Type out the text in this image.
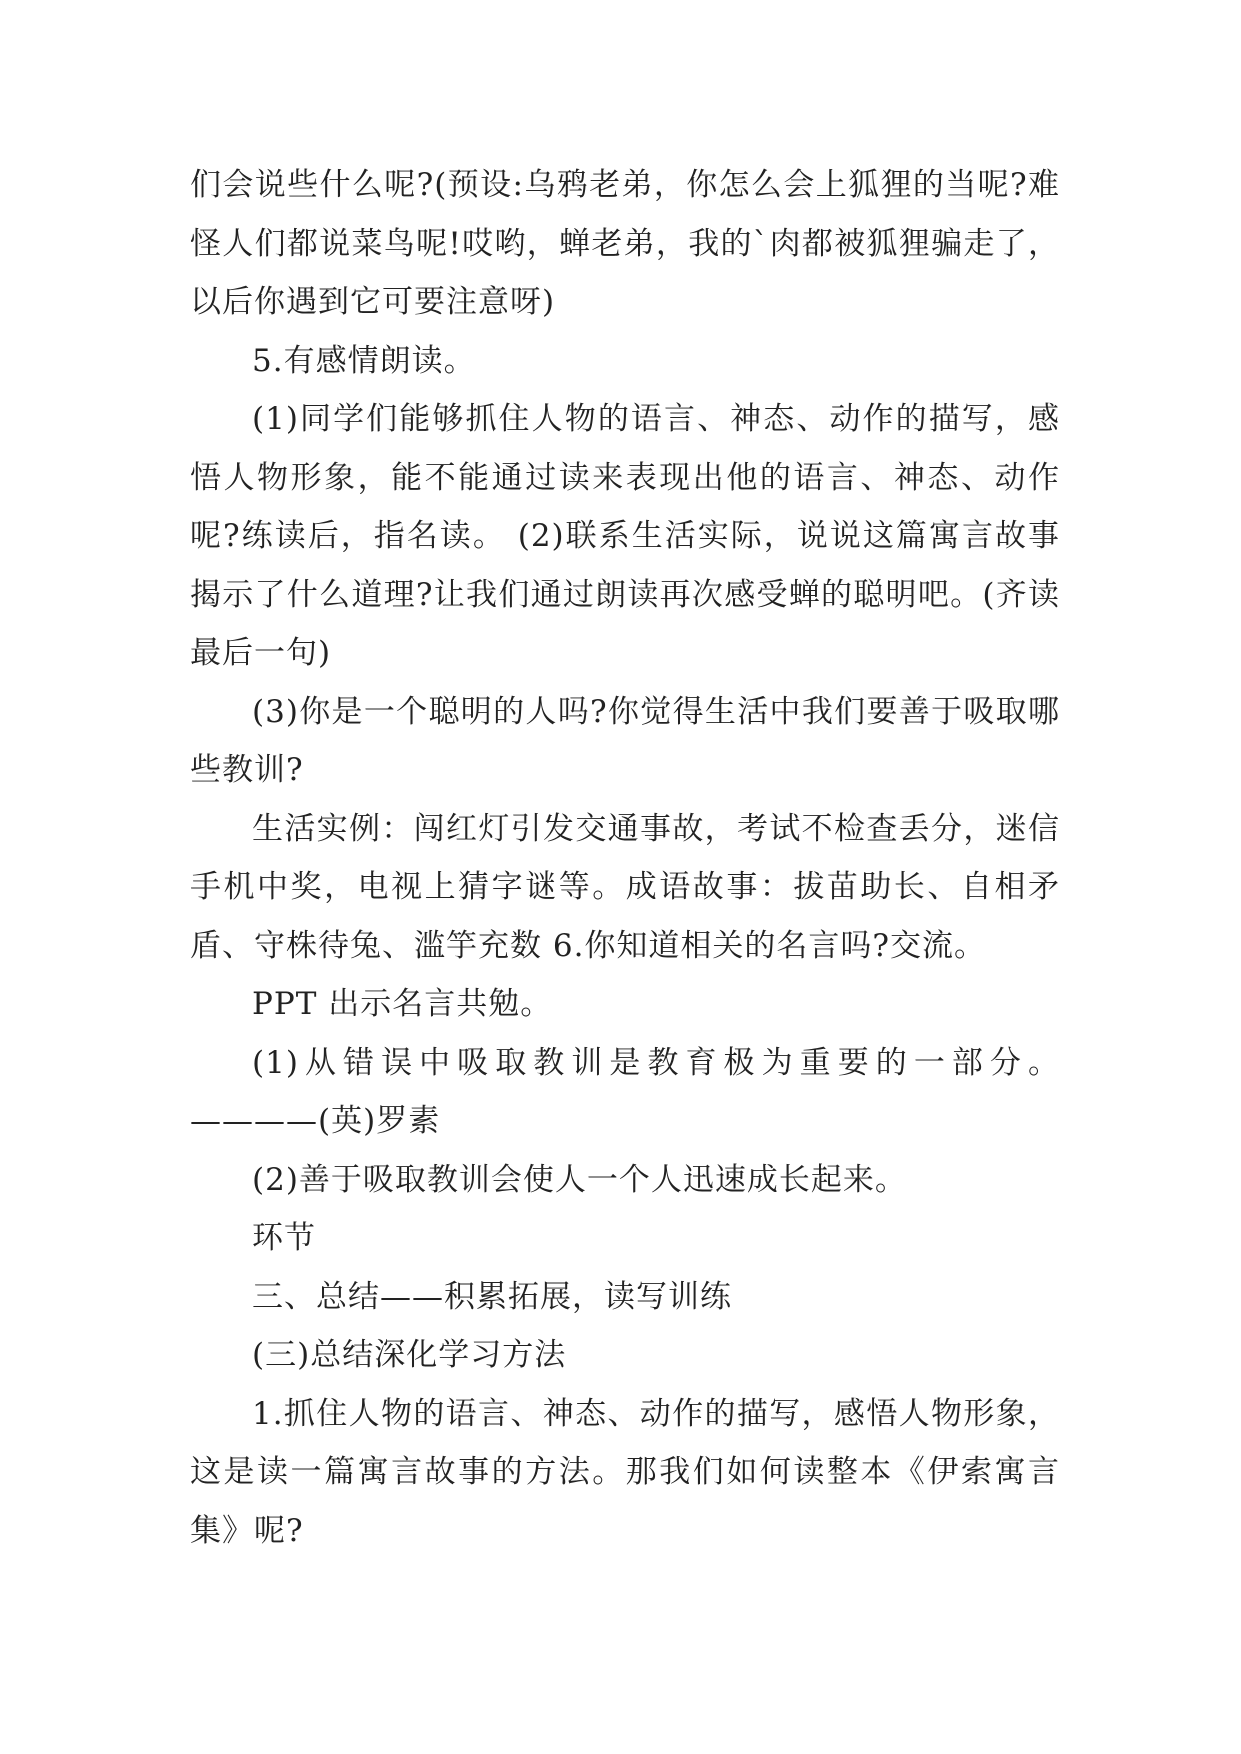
们会说些什么呢?(预设:乌鸦老弟，你怎么会上狐狸的当呢?难怪人们都说菜鸟呢!哎哟，蝉老弟，我的`肉都被狐狸骗走了，以后你遇到它可要注意呀)

5.有感情朗读。

(1)同学们能够抓住人物的语言、神态、动作的描写，感悟人物形象，能不能通过读来表现出他的语言、神态、动作呢?练读后，指名读。 (2)联系生活实际，说说这篇寓言故事揭示了什么道理?让我们通过朗读再次感受蝉的聪明吧。(齐读最后一句)

(3)你是一个聪明的人吗?你觉得生活中我们要善于吸取哪些教训?

生活实例：闯红灯引发交通事故，考试不检查丢分，迷信手机中奖，电视上猜字谜等。成语故事：拔苗助长、自相矛盾、守株待兔、滥竽充数 6.你知道相关的名言吗?交流。

PPT 出示名言共勉。

(1)从错误中吸取教训是教育极为重要的一部分。————(英)罗素

(2)善于吸取教训会使人一个人迅速成长起来。

环节

三、总结——积累拓展，读写训练

(三)总结深化学习方法

1.抓住人物的语言、神态、动作的描写，感悟人物形象，这是读一篇寓言故事的方法。那我们如何读整本《伊索寓言集》呢?
